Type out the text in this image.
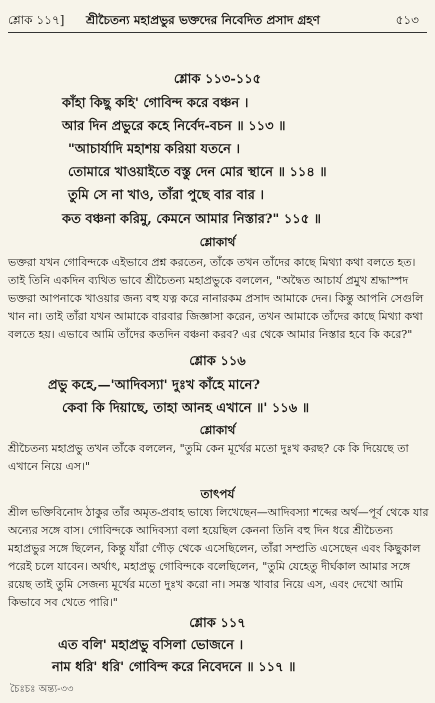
শ্লোক ১১৭] শ্রীচৈতন্য মহাপ্রভুর ভক্তদের নিবেদিত প্রসাদ গ্রহণ	৫১৩
শ্লোক ১১৩-১১৫
কাঁহা কিছু কহি' গোবিন্দ করে বঞ্চন ।
আর দিন প্রভুরে কহে নির্বেদ-বচন ॥ ১১৩ ॥
"আচার্যাদি মহাশয় করিয়া যতনে ।
তোমারে খাওয়াইতে বস্তু দেন মোর স্থানে ॥ ১১৪ ॥
তুমি সে না খাও, তাঁরা পুছে বার বার ।
কত বঞ্চনা করিমু, কেমনে আমার নিস্তার?" ১১৫ ॥
শ্লোকার্থ

ভক্তরা যখন গোবিন্দকে এইভাবে প্রশ্ন করতেন, তাঁকে তখন তাঁদের কাছে মিথ্যা কথা বলতে হত। তাই তিনি একদিন ব্যথিত ভাবে শ্রীচৈতন্য মহাপ্রভুকে বললেন, "অদ্বৈত আচার্য প্রমুখ শ্রদ্ধাস্পদ ভক্তরা আপনাকে খাওয়ার জন্য বহু যত্ন করে নানারকম প্রসাদ আমাকে দেন। কিন্তু আপনি সেগুলি খান না। তাই তাঁরা যখন আমাকে বারবার জিজ্ঞাসা করেন, তখন আমাকে তাঁদের কাছে মিথ্যা কথা বলতে হয়। এভাবে আমি তাঁদের কতদিন বঞ্চনা করব? এর থেকে আমার নিস্তার হবে কি করে?"

শ্লোক ১১৬
প্রভু কহে,—'আদিবস্যা' দুঃখ কাঁহে মানে?
কেবা কি দিয়াছে, তাহা আনহ এখানে ॥' ১১৬ ॥
শ্লোকার্থ

শ্রীচৈতন্য মহাপ্রভু তখন তাঁকে বললেন, "তুমি কেন মূর্খের মতো দুঃখ করছ? কে কি দিয়েছে তা এখানে নিয়ে এস।"

তাৎপর্য

শ্রীল ভক্তিবিনোদ ঠাকুর তাঁর অমৃত-প্রবাহ ভাষ্যে লিখেছেন—আদিবস্যা শব্দের অর্থ—পূর্ব থেকে যার অন্যের সঙ্গে বাস। গোবিন্দকে আদিবস্যা বলা হয়েছিল কেননা তিনি বহু দিন ধরে শ্রীচৈতন্য মহাপ্রভুর সঙ্গে ছিলেন, কিন্তু যাঁরা গৌড় থেকে এসেছিলেন, তাঁরা সম্প্রতি এসেছেন এবং কিছুকাল পরেই চলে যাবেন। অর্থাৎ, মহাপ্রভু গোবিন্দকে বলেছিলেন, "তুমি যেহেতু দীর্ঘকাল আমার সঙ্গে রয়েছ তাই তুমি সেজন্য মূর্খের মতো দুঃখ করো না। সমস্ত খাবার নিয়ে এস, এবং দেখো আমি কিভাবে সব খেতে পারি।"

শ্লোক ১১৭
এত বলি' মহাপ্রভু বসিলা ভোজনে ।
নাম ধরি' ধরি' গোবিন্দ করে নিবেদনে ॥ ১১৭ ॥
চৈঃচঃ অন্ত্য-৩৩
